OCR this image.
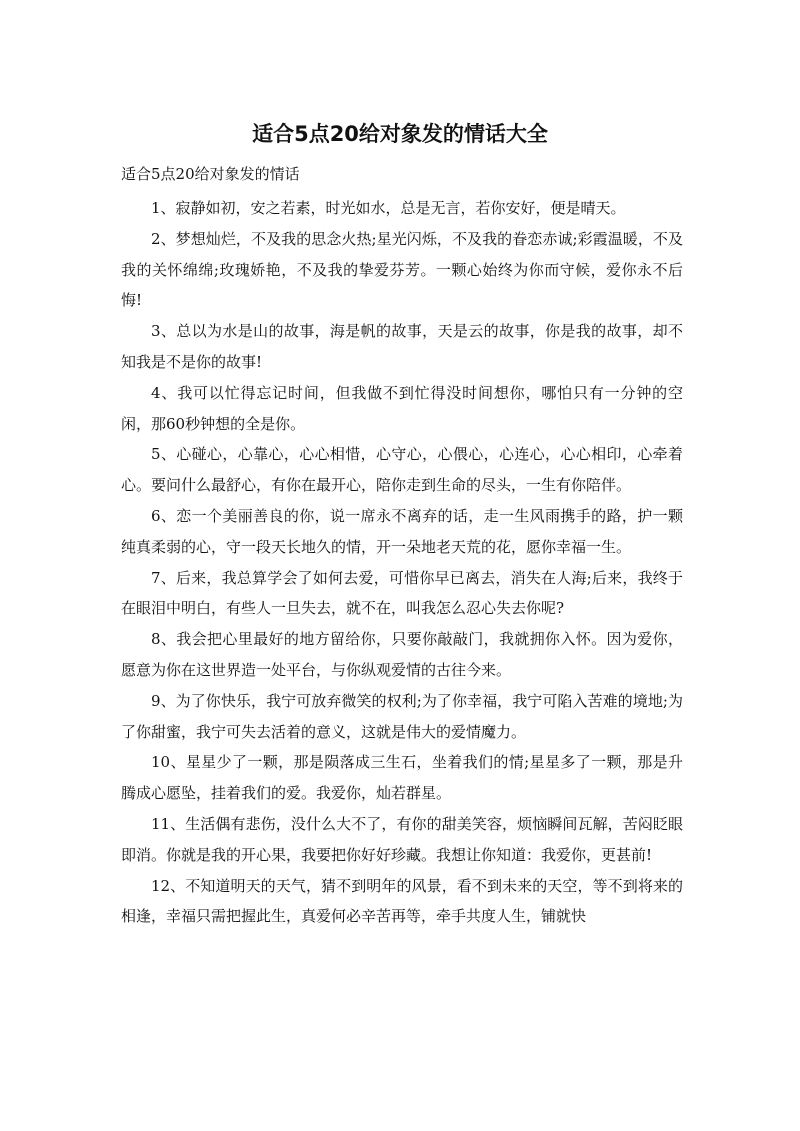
适合5点20给对象发的情话大全
适合5点20给对象发的情话

1、寂静如初，安之若素，时光如水，总是无言，若你安好，便是晴天。

2、梦想灿烂，不及我的思念火热;星光闪烁，不及我的眷恋赤诚;彩霞温暖，不及我的关怀绵绵;玫瑰娇艳，不及我的挚爱芬芳。一颗心始终为你而守候，爱你永不后悔!

3、总以为水是山的故事，海是帆的故事，天是云的故事，你是我的故事，却不知我是不是你的故事!

4、我可以忙得忘记时间，但我做不到忙得没时间想你，哪怕只有一分钟的空闲，那60秒钟想的全是你。

5、心碰心，心靠心，心心相惜，心守心，心偎心，心连心，心心相印，心牵着心。要问什么最舒心，有你在最开心，陪你走到生命的尽头，一生有你陪伴。

6、恋一个美丽善良的你，说一席永不离弃的话，走一生风雨携手的路，护一颗纯真柔弱的心，守一段天长地久的情，开一朵地老天荒的花，愿你幸福一生。

7、后来，我总算学会了如何去爱，可惜你早已离去，消失在人海;后来，我终于在眼泪中明白，有些人一旦失去，就不在，叫我怎么忍心失去你呢?

8、我会把心里最好的地方留给你，只要你敲敲门，我就拥你入怀。因为爱你，愿意为你在这世界造一处平台，与你纵观爱情的古往今来。

9、为了你快乐，我宁可放弃微笑的权利;为了你幸福，我宁可陷入苦难的境地;为了你甜蜜，我宁可失去活着的意义，这就是伟大的爱情魔力。

10、星星少了一颗，那是陨落成三生石，坐着我们的情;星星多了一颗，那是升腾成心愿坠，挂着我们的爱。我爱你，灿若群星。

11、生活偶有悲伤，没什么大不了，有你的甜美笑容，烦恼瞬间瓦解，苦闷眨眼即消。你就是我的开心果，我要把你好好珍藏。我想让你知道：我爱你，更甚前!

12、不知道明天的天气，猜不到明年的风景，看不到未来的天空，等不到将来的相逢，幸福只需把握此生，真爱何必辛苦再等，牵手共度人生，铺就快
